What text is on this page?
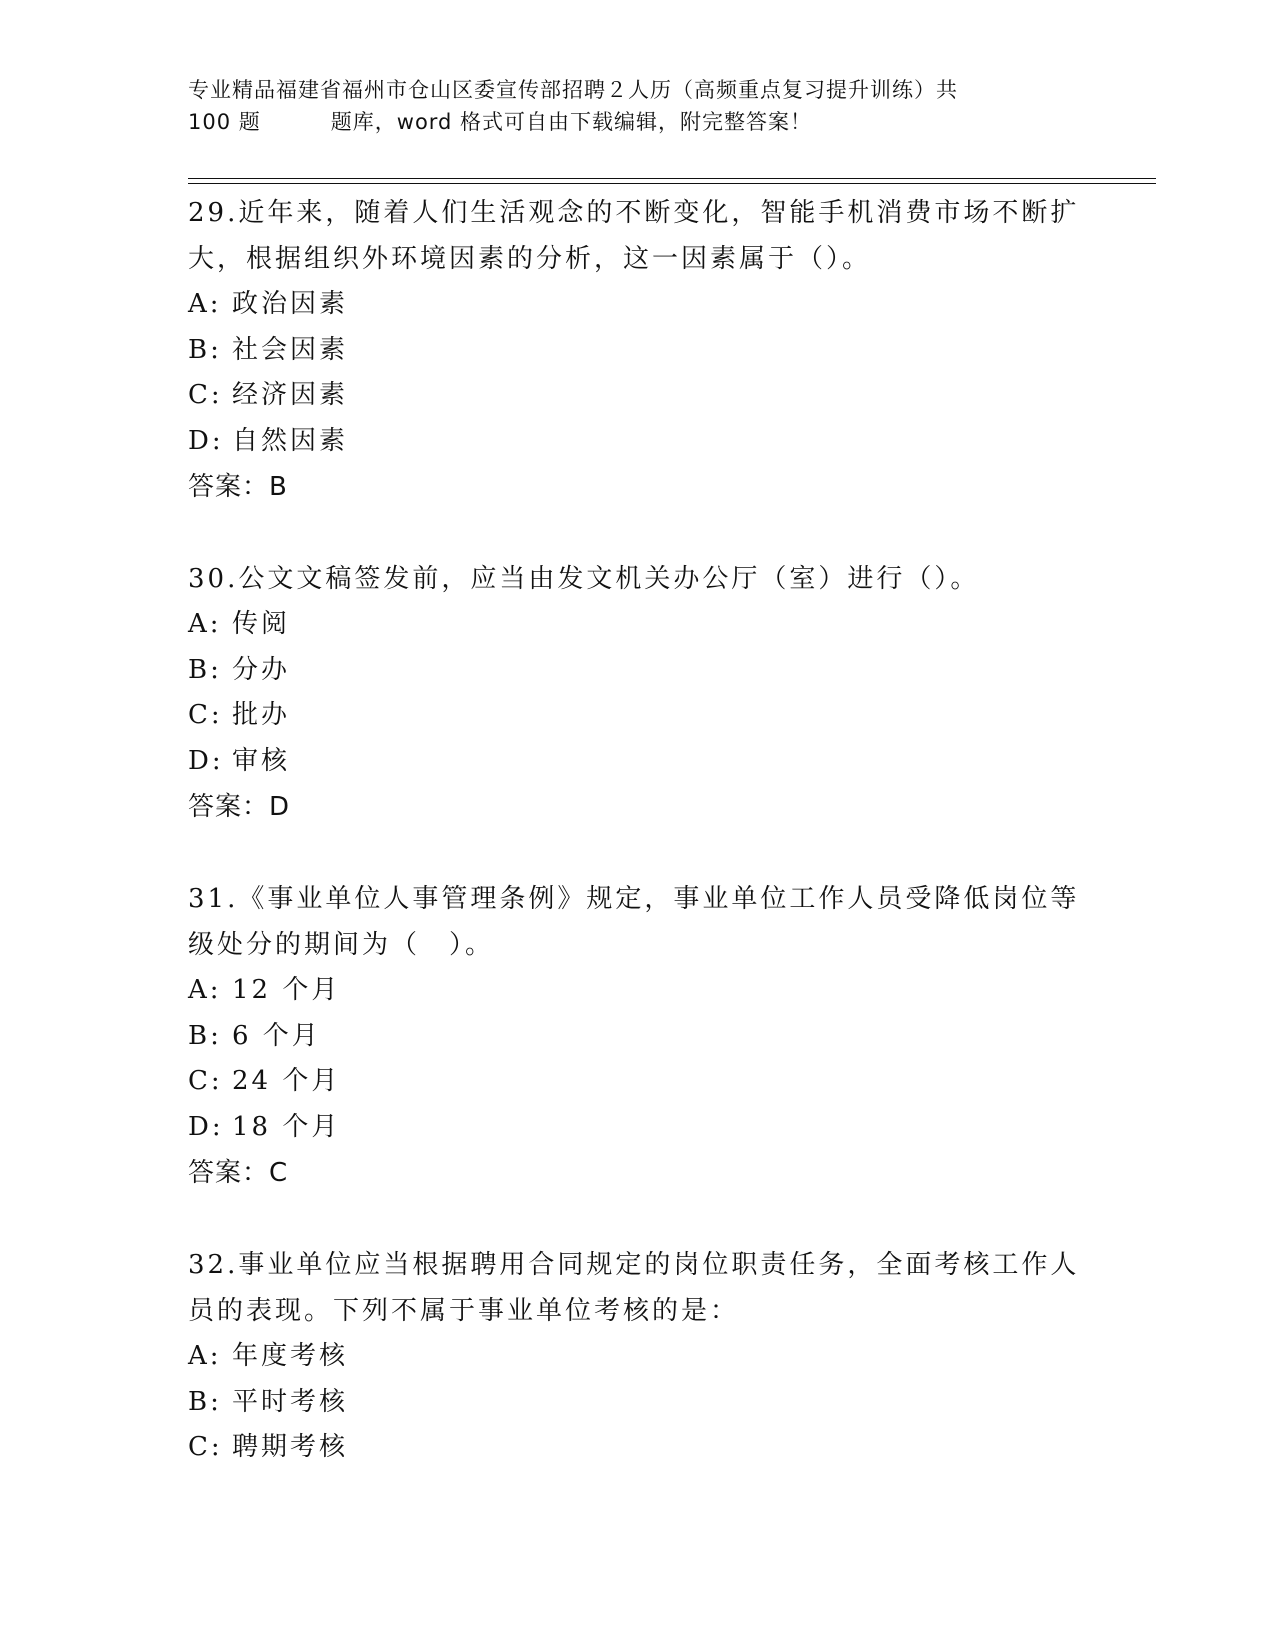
专业精品福建省福州市仓山区委宣传部招聘２人历（高频重点复习提升训练）共
100 题	题库，word 格式可自由下载编辑，附完整答案！
29.近年来，随着人们生活观念的不断变化，智能手机消费市场不断扩大，根据组织外环境因素的分析，这一因素属于（）。
A: 政治因素
B: 社会因素
C: 经济因素
D: 自然因素
答案：B
30.公文文稿签发前，应当由发文机关办公厅（室）进行（）。
A: 传阅
B: 分办
C: 批办
D: 审核
答案：D
31.《事业单位人事管理条例》规定，事业单位工作人员受降低岗位等级处分的期间为（　）。
A: 12 个月
B: 6 个月
C: 24 个月
D: 18 个月
答案：C
32.事业单位应当根据聘用合同规定的岗位职责任务，全面考核工作人员的表现。下列不属于事业单位考核的是：
A: 年度考核
B: 平时考核
C: 聘期考核
